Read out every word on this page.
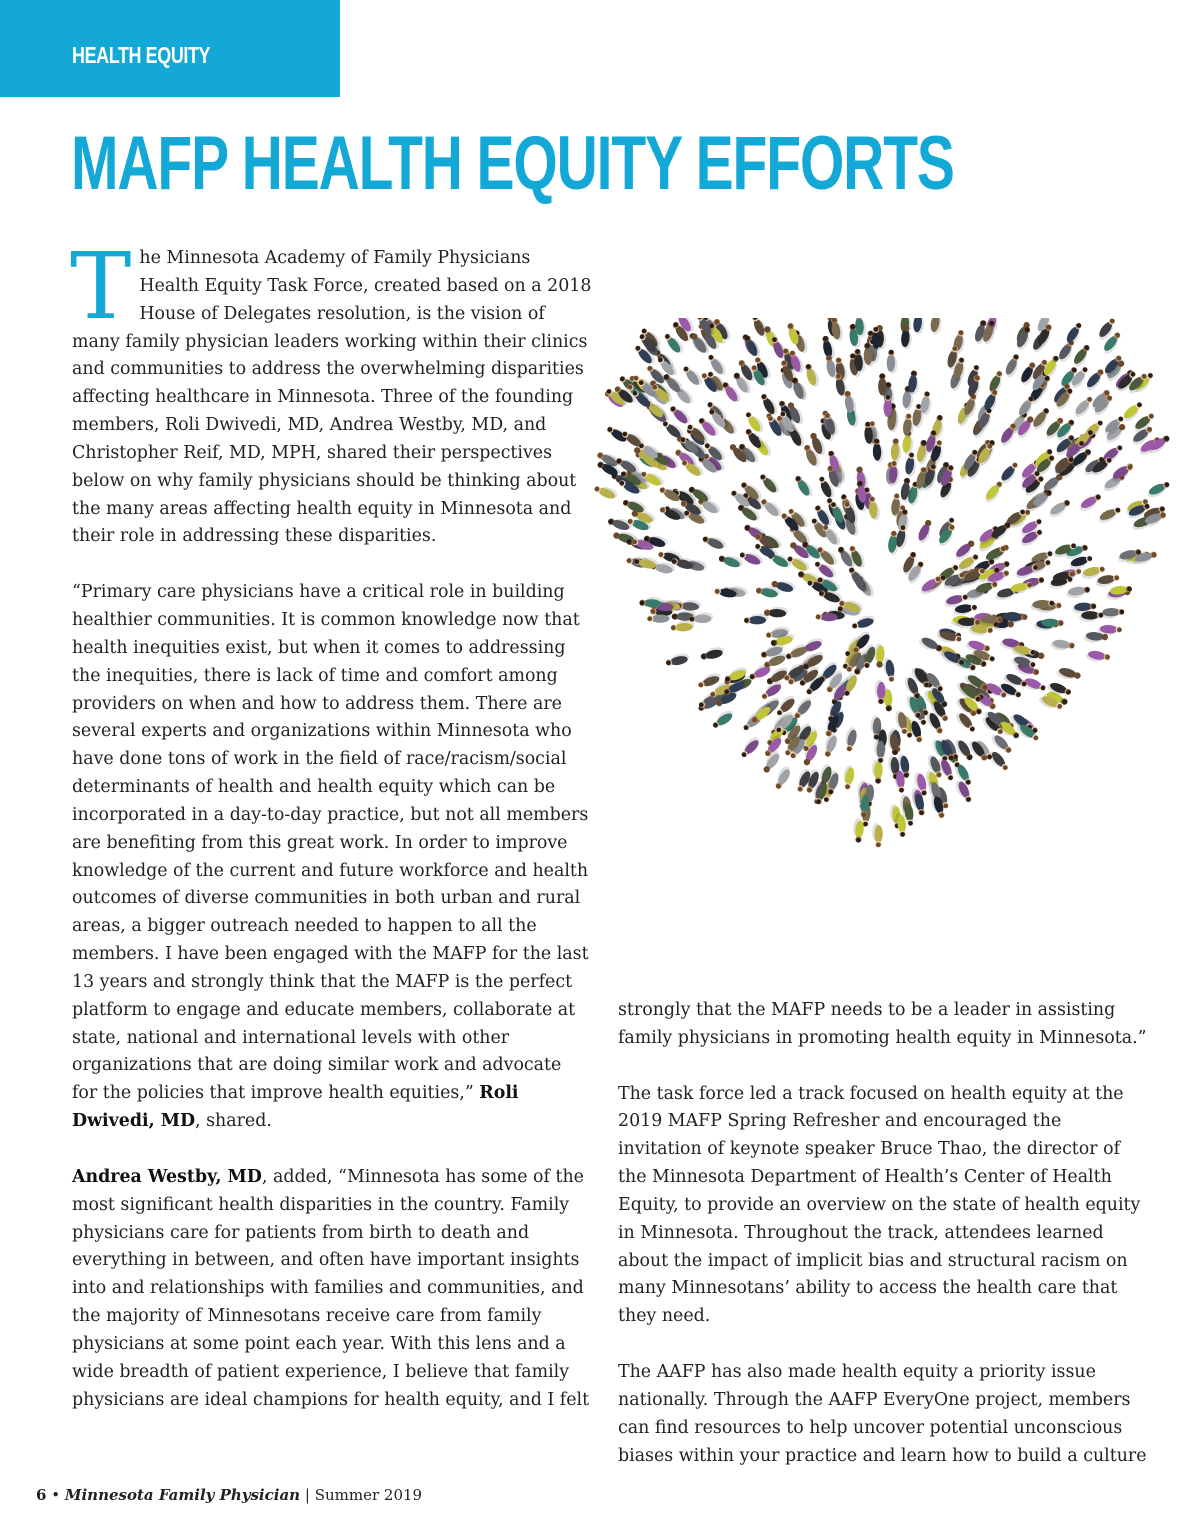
HEALTH EQUITY
MAFP HEALTH EQUITY EFFORTS

The Minnesota Academy of Family Physicians Health Equity Task Force, created based on a 2018 House of Delegates resolution, is the vision of many family physician leaders working within their clinics and communities to address the overwhelming disparities affecting healthcare in Minnesota. Three of the founding members, Roli Dwivedi, MD, Andrea Westby, MD, and Christopher Reif, MD, MPH, shared their perspectives below on why family physicians should be thinking about the many areas affecting health equity in Minnesota and their role in addressing these disparities.

“Primary care physicians have a critical role in building healthier communities. It is common knowledge now that health inequities exist, but when it comes to addressing the inequities, there is lack of time and comfort among providers on when and how to address them. There are several experts and organizations within Minnesota who have done tons of work in the field of race/racism/social determinants of health and health equity which can be incorporated in a day-to-day practice, but not all members are benefiting from this great work. In order to improve knowledge of the current and future workforce and health outcomes of diverse communities in both urban and rural areas, a bigger outreach needed to happen to all the members. I have been engaged with the MAFP for the last 13 years and strongly think that the MAFP is the perfect platform to engage and educate members, collaborate at state, national and international levels with other organizations that are doing similar work and advocate for the policies that improve health equities,” Roli Dwivedi, MD, shared.

Andrea Westby, MD, added, “Minnesota has some of the most significant health disparities in the country. Family physicians care for patients from birth to death and everything in between, and often have important insights into and relationships with families and communities, and the majority of Minnesotans receive care from family physicians at some point each year. With this lens and a wide breadth of patient experience, I believe that family physicians are ideal champions for health equity, and I felt

strongly that the MAFP needs to be a leader in assisting family physicians in promoting health equity in Minnesota.”

The task force led a track focused on health equity at the 2019 MAFP Spring Refresher and encouraged the invitation of keynote speaker Bruce Thao, the director of the Minnesota Department of Health’s Center of Health Equity, to provide an overview on the state of health equity in Minnesota. Throughout the track, attendees learned about the impact of implicit bias and structural racism on many Minnesotans’ ability to access the health care that they need.

The AAFP has also made health equity a priority issue nationally. Through the AAFP EveryOne project, members can find resources to help uncover potential unconscious biases within your practice and learn how to build a culture

6 • Minnesota Family Physician | Summer 2019
